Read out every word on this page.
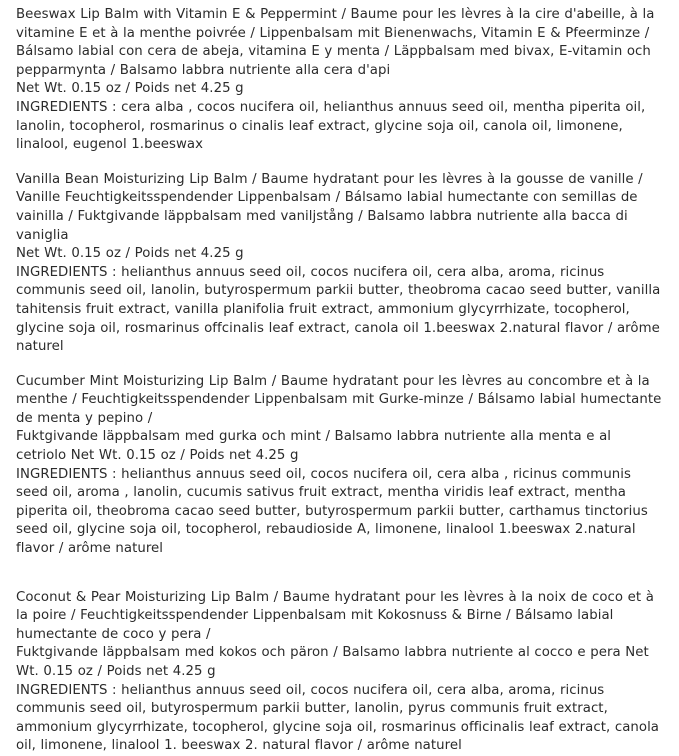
Beeswax Lip Balm with Vitamin E & Peppermint / Baume pour les lèvres à la cire d'abeille, à la vitamine E et à la menthe poivrée / Lippenbalsam mit Bienenwachs, Vitamin E & Pfeerminze / Bálsamo labial con cera de abeja, vitamina E y menta / Läppbalsam med bivax, E-vitamin och pepparmynta / Balsamo labbra nutriente alla cera d'api

Net Wt. 0.15 oz / Poids net 4.25 g

INGREDIENTS : cera alba , cocos nucifera oil, helianthus annuus seed oil, mentha piperita oil, lanolin, tocopherol, rosmarinus o cinalis leaf extract, glycine soja oil, canola oil, limonene, linalool, eugenol 1.beeswax

Vanilla Bean Moisturizing Lip Balm / Baume hydratant pour les lèvres à la gousse de vanille / Vanille Feuchtigkeitsspendender Lippenbalsam / Bálsamo labial humectante con semillas de vainilla / Fuktgivande läppbalsam med vaniljstång / Balsamo labbra nutriente alla bacca di vaniglia

Net Wt. 0.15 oz / Poids net 4.25 g

INGREDIENTS : helianthus annuus seed oil, cocos nucifera oil, cera alba, aroma, ricinus communis seed oil, lanolin, butyrospermum parkii butter, theobroma cacao seed butter, vanilla tahitensis fruit extract, vanilla planifolia fruit extract, ammonium glycyrrhizate, tocopherol, glycine soja oil, rosmarinus offcinalis leaf extract, canola oil 1.beeswax 2.natural flavor / arôme naturel

Cucumber Mint Moisturizing Lip Balm / Baume hydratant pour les lèvres au concombre et à la menthe / Feuchtigkeitsspendender Lippenbalsam mit Gurke-minze / Bálsamo labial humectante de menta y pepino /

Fuktgivande läppbalsam med gurka och mint / Balsamo labbra nutriente alla menta e al cetriolo Net Wt. 0.15 oz / Poids net 4.25 g

INGREDIENTS : helianthus annuus seed oil, cocos nucifera oil, cera alba , ricinus communis seed oil, aroma , lanolin, cucumis sativus fruit extract, mentha viridis leaf extract, mentha piperita oil, theobroma cacao seed butter, butyrospermum parkii butter, carthamus tinctorius seed oil, glycine soja oil, tocopherol, rebaudioside A, limonene, linalool 1.beeswax 2.natural flavor / arôme naturel

Coconut & Pear Moisturizing Lip Balm / Baume hydratant pour les lèvres à la noix de coco et à la poire / Feuchtigkeitsspendender Lippenbalsam mit Kokosnuss & Birne / Bálsamo labial humectante de coco y pera /

Fuktgivande läppbalsam med kokos och päron / Balsamo labbra nutriente al cocco e pera Net Wt. 0.15 oz / Poids net 4.25 g

INGREDIENTS : helianthus annuus seed oil, cocos nucifera oil, cera alba, aroma, ricinus communis seed oil, butyrospermum parkii butter, lanolin, pyrus communis fruit extract, ammonium glycyrrhizate, tocopherol, glycine soja oil, rosmarinus officinalis leaf extract, canola oil, limonene, linalool 1. beeswax 2. natural flavor / arôme naturel
